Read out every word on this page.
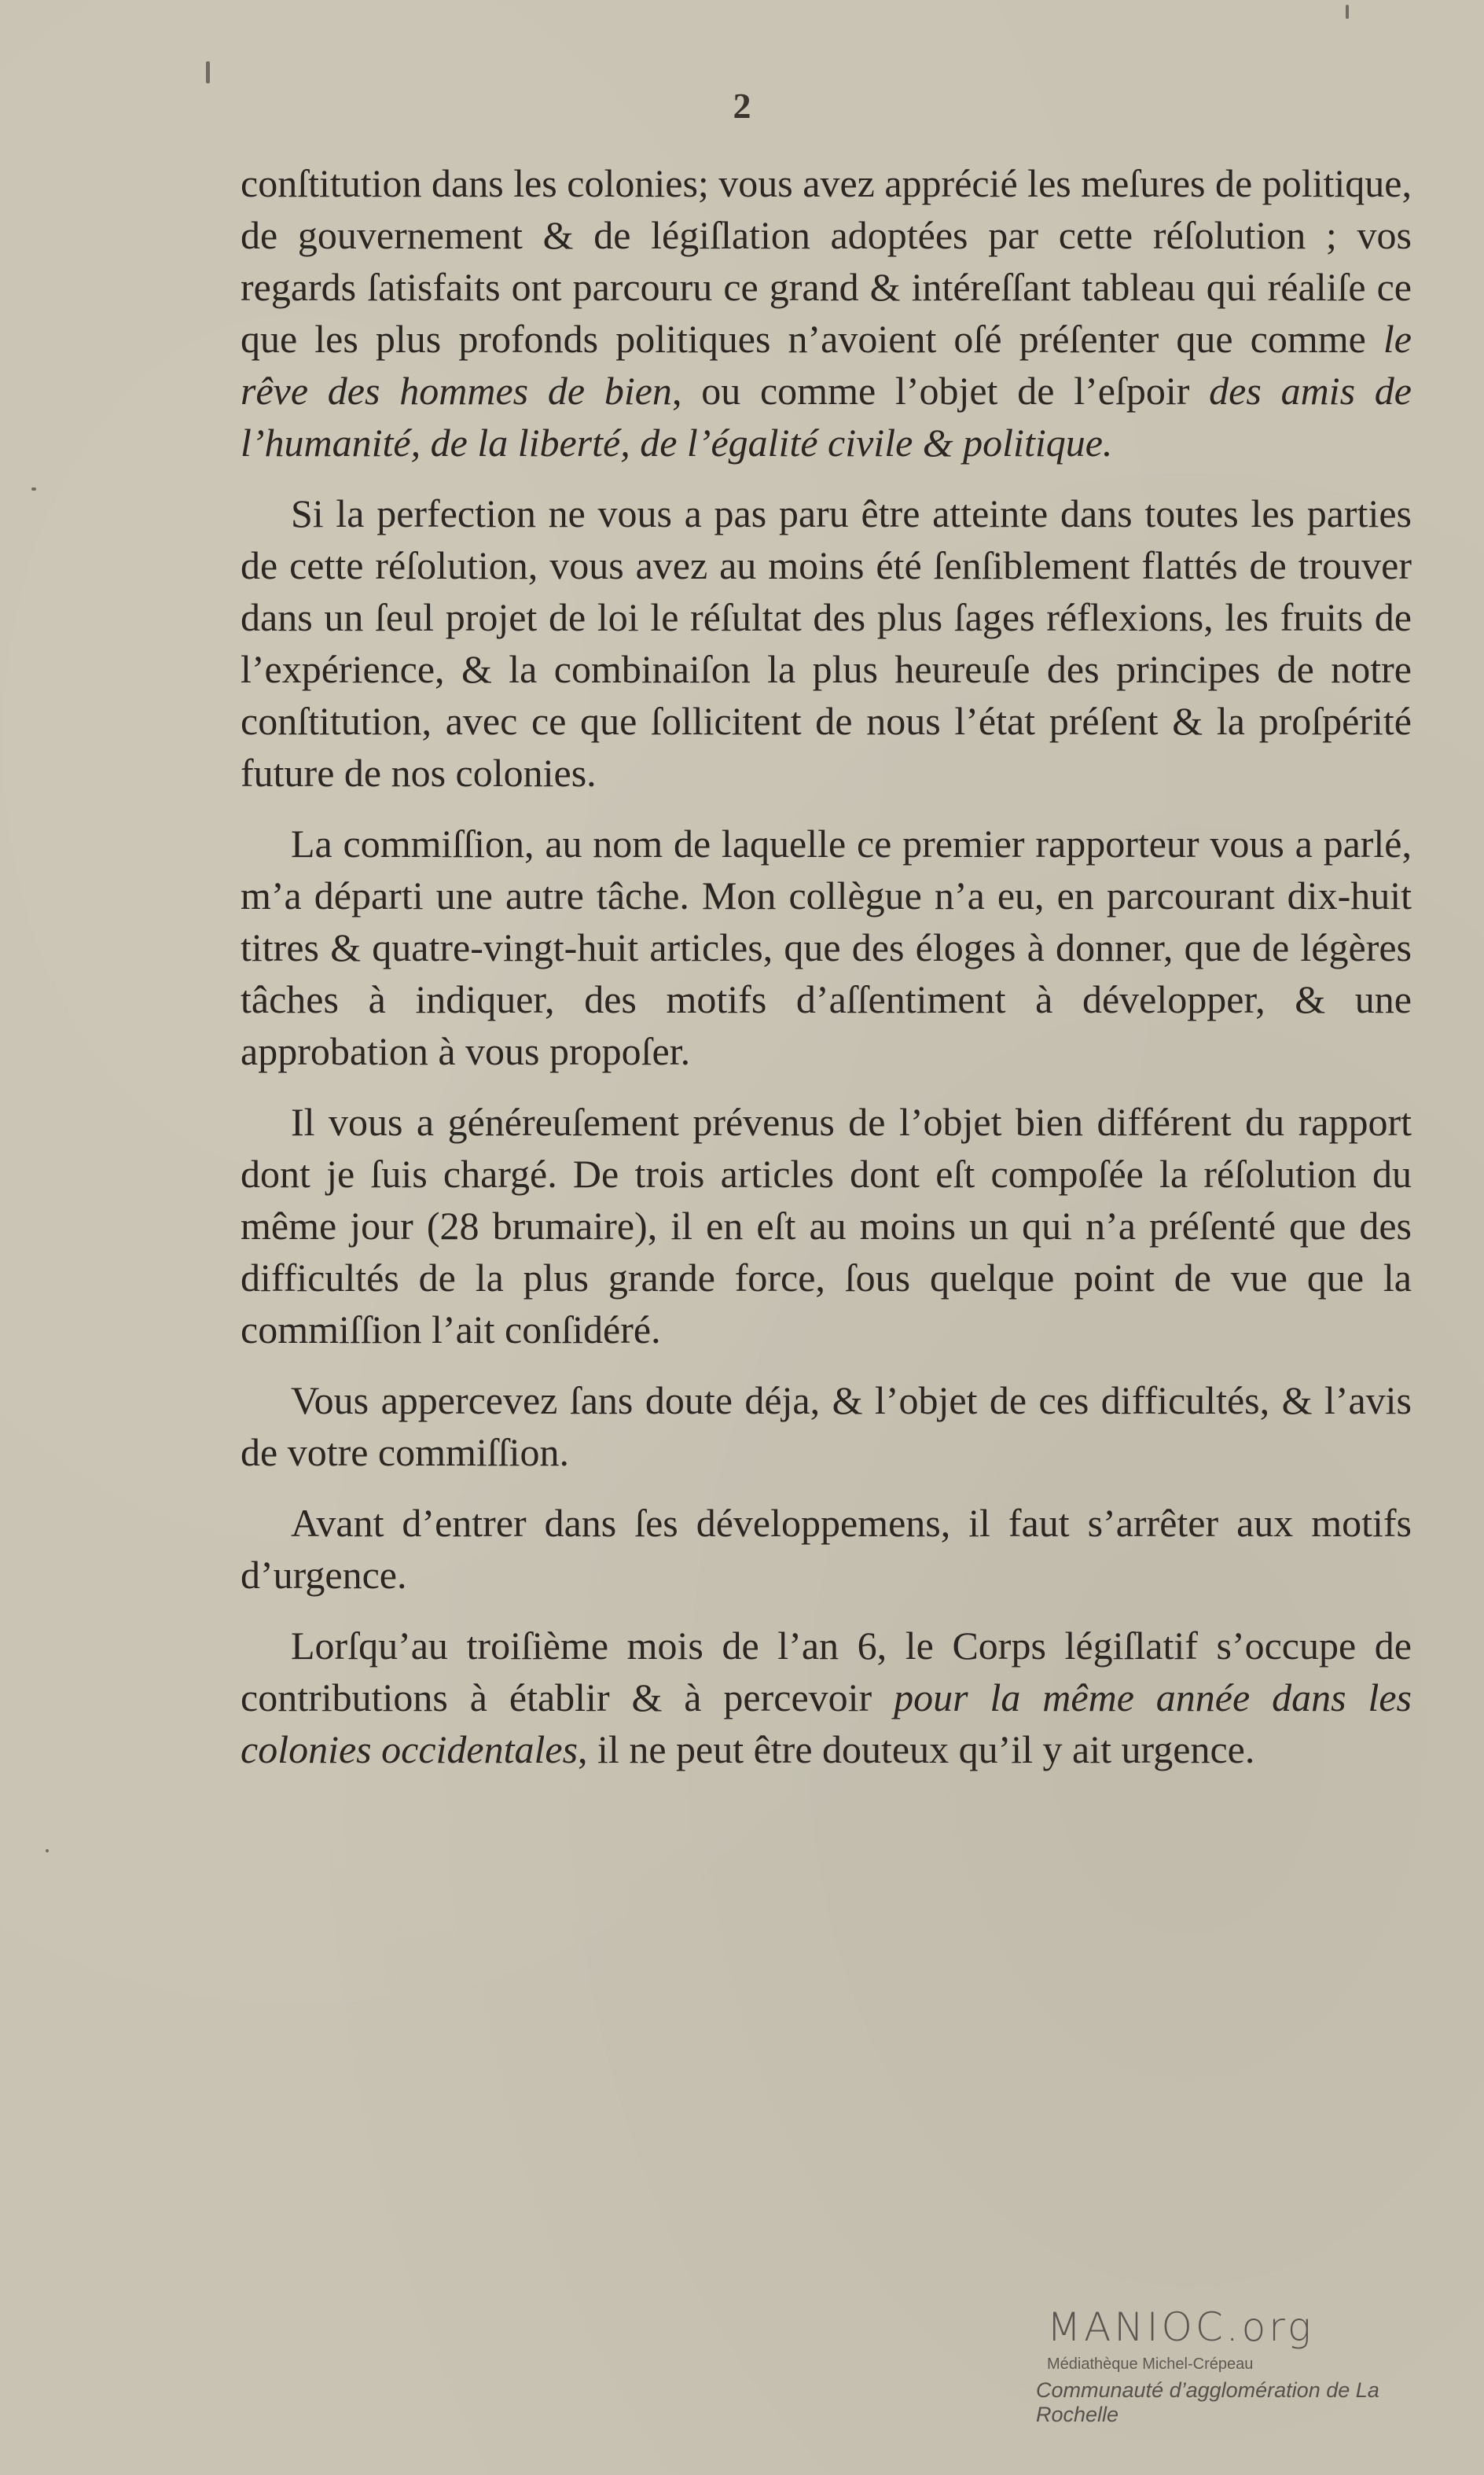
2

conſtitution dans les colonies; vous avez apprécié les meſures de politique, de gouvernement & de légiſlation adoptées par cette réſolution ; vos regards ſatisfaits ont parcouru ce grand & intéreſſant tableau qui réaliſe ce que les plus profonds politiques n’avoient oſé préſenter que comme le rêve des hommes de bien, ou comme l’objet de l’eſpoir des amis de l’humanité, de la liberté, de l’égalité civile & politique.

Si la perfection ne vous a pas paru être atteinte dans toutes les parties de cette réſolution, vous avez au moins été ſenſiblement flattés de trouver dans un ſeul projet de loi le réſultat des plus ſages réflexions, les fruits de l’expérience, & la combinaiſon la plus heureuſe des principes de notre conſtitution, avec ce que ſollicitent de nous l’état préſent & la proſpérité future de nos colonies.

La commiſſion, au nom de laquelle ce premier rapporteur vous a parlé, m’a départi une autre tâche. Mon collègue n’a eu, en parcourant dix-huit titres & quatre-vingt-huit articles, que des éloges à donner, que de légères tâches à indiquer, des motifs d’aſſentiment à développer, & une approbation à vous propoſer.

Il vous a généreuſement prévenus de l’objet bien différent du rapport dont je ſuis chargé. De trois articles dont eſt compoſée la réſolution du même jour (28 brumaire), il en eſt au moins un qui n’a préſenté que des difficultés de la plus grande force, ſous quelque point de vue que la commiſſion l’ait conſidéré.

Vous appercevez ſans doute déja, & l’objet de ces difficultés, & l’avis de votre commiſſion.

Avant d’entrer dans ſes développemens, il faut s’arrêter aux motifs d’urgence.

Lorſqu’au troiſième mois de l’an 6, le Corps légiſlatif s’occupe de contributions à établir & à percevoir pour la même année dans les colonies occidentales, il ne peut être douteux qu’il y ait urgence.

MANIOC.org
Médiathèque Michel-Crépeau
Communauté d’agglomération de La Rochelle
